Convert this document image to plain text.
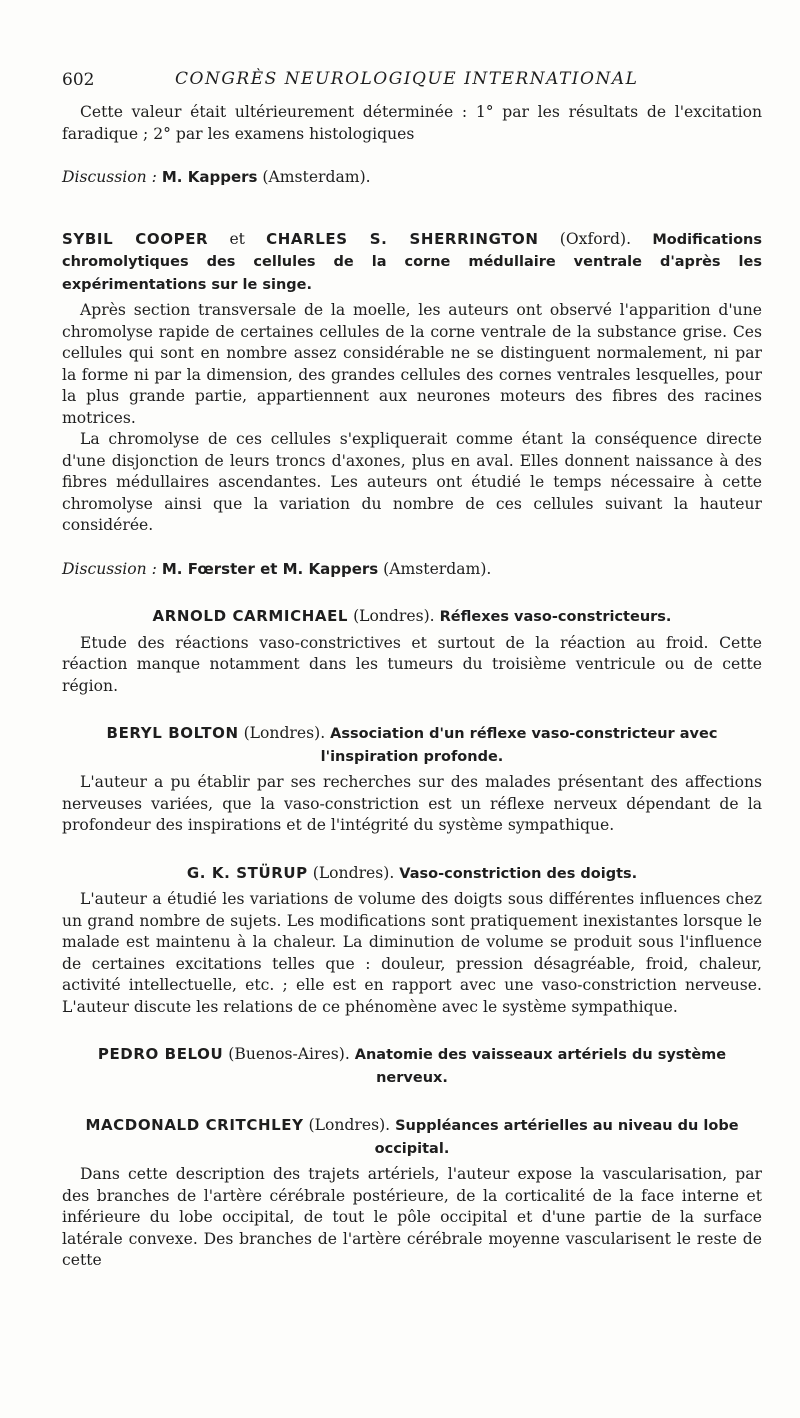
602	CONGRÈS NEUROLOGIQUE INTERNATIONAL

Cette valeur était ultérieurement déterminée : 1° par les résultats de l'excitation faradique ; 2° par les examens histologiques

Discussion : M. Kappers (Amsterdam).

SYBIL COOPER et CHARLES S. SHERRINGTON (Oxford). Modifications chromolytiques des cellules de la corne médullaire ventrale d'après les expérimentations sur le singe.

Après section transversale de la moelle, les auteurs ont observé l'apparition d'une chromolyse rapide de certaines cellules de la corne ventrale de la substance grise. Ces cellules qui sont en nombre assez considérable ne se distinguent normalement, ni par la forme ni par la dimension, des grandes cellules des cornes ventrales lesquelles, pour la plus grande partie, appartiennent aux neurones moteurs des fibres des racines motrices.

La chromolyse de ces cellules s'expliquerait comme étant la conséquence directe d'une disjonction de leurs troncs d'axones, plus en aval. Elles donnent naissance à des fibres médullaires ascendantes. Les auteurs ont étudié le temps nécessaire à cette chromolyse ainsi que la variation du nombre de ces cellules suivant la hauteur considérée.

Discussion : M. Fœrster et M. Kappers (Amsterdam).

ARNOLD CARMICHAEL (Londres). Réflexes vaso-constricteurs.

Etude des réactions vaso-constrictives et surtout de la réaction au froid. Cette réaction manque notamment dans les tumeurs du troisième ventricule ou de cette région.

BERYL BOLTON (Londres). Association d'un réflexe vaso-constricteur avec l'inspiration profonde.

L'auteur a pu établir par ses recherches sur des malades présentant des affections nerveuses variées, que la vaso-constriction est un réflexe nerveux dépendant de la profondeur des inspirations et de l'intégrité du système sympathique.

G. K. STÜRUP (Londres). Vaso-constriction des doigts.

L'auteur a étudié les variations de volume des doigts sous différentes influences chez un grand nombre de sujets. Les modifications sont pratiquement inexistantes lorsque le malade est maintenu à la chaleur. La diminution de volume se produit sous l'influence de certaines excitations telles que : douleur, pression désagréable, froid, chaleur, activité intellectuelle, etc. ; elle est en rapport avec une vaso-constriction nerveuse. L'auteur discute les relations de ce phénomène avec le système sympathique.

PEDRO BELOU (Buenos-Aires). Anatomie des vaisseaux artériels du système nerveux.

MACDONALD CRITCHLEY (Londres). Suppléances artérielles au niveau du lobe occipital.

Dans cette description des trajets artériels, l'auteur expose la vascularisation, par des branches de l'artère cérébrale postérieure, de la corticalité de la face interne et inférieure du lobe occipital, de tout le pôle occipital et d'une partie de la surface latérale convexe. Des branches de l'artère cérébrale moyenne vascularisent le reste de cette
